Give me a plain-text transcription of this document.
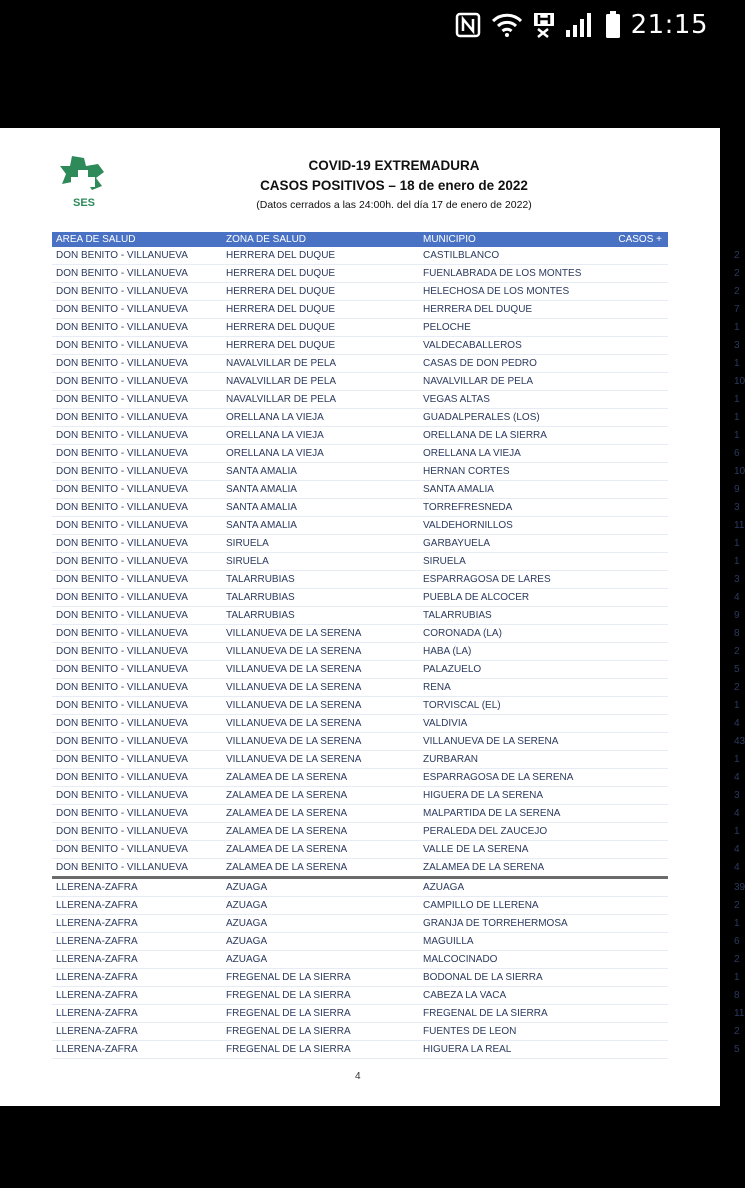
21:15
SES
COVID-19 EXTREMADURA
CASOS POSITIVOS – 18 de enero de 2022
(Datos cerrados a las 24:00h. del día 17 de enero de 2022)
AREA DE SALUD	ZONA DE SALUD	MUNICIPIO	CASOS +
DON BENITO - VILLANUEVA	HERRERA DEL DUQUE	CASTILBLANCO	2
DON BENITO - VILLANUEVA	HERRERA DEL DUQUE	FUENLABRADA DE LOS MONTES	2
DON BENITO - VILLANUEVA	HERRERA DEL DUQUE	HELECHOSA DE LOS MONTES	2
DON BENITO - VILLANUEVA	HERRERA DEL DUQUE	HERRERA DEL DUQUE	7
DON BENITO - VILLANUEVA	HERRERA DEL DUQUE	PELOCHE	1
DON BENITO - VILLANUEVA	HERRERA DEL DUQUE	VALDECABALLEROS	3
DON BENITO - VILLANUEVA	NAVALVILLAR DE PELA	CASAS DE DON PEDRO	1
DON BENITO - VILLANUEVA	NAVALVILLAR DE PELA	NAVALVILLAR DE PELA	10
DON BENITO - VILLANUEVA	NAVALVILLAR DE PELA	VEGAS ALTAS	1
DON BENITO - VILLANUEVA	ORELLANA LA VIEJA	GUADALPERALES (LOS)	1
DON BENITO - VILLANUEVA	ORELLANA LA VIEJA	ORELLANA DE LA SIERRA	1
DON BENITO - VILLANUEVA	ORELLANA LA VIEJA	ORELLANA LA VIEJA	6
DON BENITO - VILLANUEVA	SANTA AMALIA	HERNAN CORTES	10
DON BENITO - VILLANUEVA	SANTA AMALIA	SANTA AMALIA	9
DON BENITO - VILLANUEVA	SANTA AMALIA	TORREFRESNEDA	3
DON BENITO - VILLANUEVA	SANTA AMALIA	VALDEHORNILLOS	11
DON BENITO - VILLANUEVA	SIRUELA	GARBAYUELA	1
DON BENITO - VILLANUEVA	SIRUELA	SIRUELA	1
DON BENITO - VILLANUEVA	TALARRUBIAS	ESPARRAGOSA DE LARES	3
DON BENITO - VILLANUEVA	TALARRUBIAS	PUEBLA DE ALCOCER	4
DON BENITO - VILLANUEVA	TALARRUBIAS	TALARRUBIAS	9
DON BENITO - VILLANUEVA	VILLANUEVA DE LA SERENA	CORONADA (LA)	8
DON BENITO - VILLANUEVA	VILLANUEVA DE LA SERENA	HABA (LA)	2
DON BENITO - VILLANUEVA	VILLANUEVA DE LA SERENA	PALAZUELO	5
DON BENITO - VILLANUEVA	VILLANUEVA DE LA SERENA	RENA	2
DON BENITO - VILLANUEVA	VILLANUEVA DE LA SERENA	TORVISCAL (EL)	1
DON BENITO - VILLANUEVA	VILLANUEVA DE LA SERENA	VALDIVIA	4
DON BENITO - VILLANUEVA	VILLANUEVA DE LA SERENA	VILLANUEVA DE LA SERENA	43
DON BENITO - VILLANUEVA	VILLANUEVA DE LA SERENA	ZURBARAN	1
DON BENITO - VILLANUEVA	ZALAMEA DE LA SERENA	ESPARRAGOSA DE LA SERENA	4
DON BENITO - VILLANUEVA	ZALAMEA DE LA SERENA	HIGUERA DE LA SERENA	3
DON BENITO - VILLANUEVA	ZALAMEA DE LA SERENA	MALPARTIDA DE LA SERENA	4
DON BENITO - VILLANUEVA	ZALAMEA DE LA SERENA	PERALEDA DEL ZAUCEJO	1
DON BENITO - VILLANUEVA	ZALAMEA DE LA SERENA	VALLE DE LA SERENA	4
DON BENITO - VILLANUEVA	ZALAMEA DE LA SERENA	ZALAMEA DE LA SERENA	4
LLERENA-ZAFRA	AZUAGA	AZUAGA	39
LLERENA-ZAFRA	AZUAGA	CAMPILLO DE LLERENA	2
LLERENA-ZAFRA	AZUAGA	GRANJA DE TORREHERMOSA	1
LLERENA-ZAFRA	AZUAGA	MAGUILLA	6
LLERENA-ZAFRA	AZUAGA	MALCOCINADO	2
LLERENA-ZAFRA	FREGENAL DE LA SIERRA	BODONAL DE LA SIERRA	1
LLERENA-ZAFRA	FREGENAL DE LA SIERRA	CABEZA LA VACA	8
LLERENA-ZAFRA	FREGENAL DE LA SIERRA	FREGENAL DE LA SIERRA	11
LLERENA-ZAFRA	FREGENAL DE LA SIERRA	FUENTES DE LEON	2
LLERENA-ZAFRA	FREGENAL DE LA SIERRA	HIGUERA LA REAL	5
4
